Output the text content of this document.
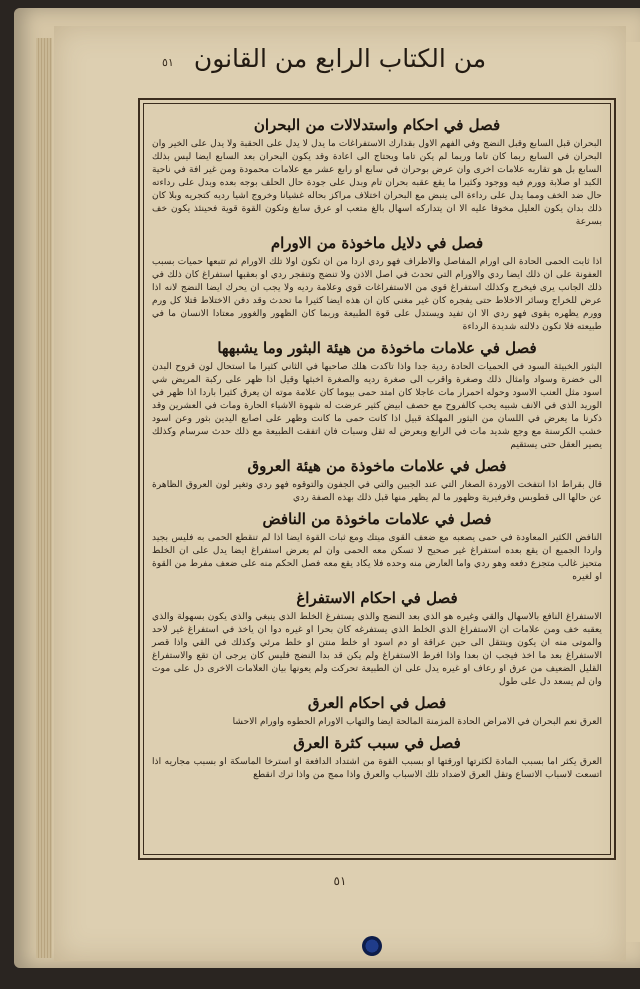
٥١ من الكتاب الرابع من القانون
فصل في احكام واستدلالات من البحران

البحران قبل السابع وقبل النضج وفي الفهم الاول بقدارك الاستفراغات ما يدل لا يدل على الحقبة ولا يدل على الخير وان البحران في السابع ربما كان تاما وربما لم يكن تاما ويحتاج الى اعادة وقد يكون البحران بعد السابع ايضا ليس بذلك السابع بل هو تقاربه علامات اخرى وان عرض بوحران في سابع او رابع عشر مع علامات محمودة ومن غير افة في ناحية الكبد او صلابة وورم فيه ووجود وكثيرا ما يقع عقبه بحران تام وبدل على جودة حال الحلف بوجه بعده وبدل على رداءته حال ضد الخف ومما يدل على رداءة الى ينبض مع البحران اختلاف مراكز بحاله غشيانا وخروج اشيا رديه كتجريه وبلا كان ذلك بدان يكون العليل مخوفا عليه الا ان يتداركه اسهال بالغ متعب او عرق سابغ وتكون القوة قوية فحينئذ يكون خف بسرعة

فصل في دلايل ماخوذة من الاورام

اذا ثابت الحمى الحادة الى اورام المفاصل والاطراف فهو ردي اردا من ان تكون اولا تلك الاورام ثم تتبعها حميات بسبب العفونة على ان ذلك ايضا ردي والاورام التي تحدث في اصل الاذن ولا تنضج وتنفجر ردي او بعقبها استفراغ كان ذلك في ذلك الجانب يرى فيخرج وكذلك استفراغ قوي من الاستفراغات قوي وعلامة رديه ولا يجب ان يحرك ايضا النضج لانه اذا عرض للخراج وسائر الاخلاط حتى يفجره كان غير مغني كان ان هذه ايضا كثيرا ما تحدث وقد دفن الاختلاط قتلا كل ورم وورم يظهره يقوى فهو ردي الا ان تفيد ويستدل على قوة الطبيعة وربما كان الظهور والغوور معتادا الانسان ما في طبيعته فلا تكون دلالته شديدة الرداءة

فصل في علامات ماخوذة من هيئة البثور وما يشبهها

البثور الخبيثة السود في الحميات الحادة ردية جدا واذا تاكدت هلك صاحبها في الثاني كثيرا ما استحال لون قروح البدن الى خضرة وسواد وامثال ذلك وصغرة واقرب الى صغرة رديه والصغرة اخبثها وقيل اذا ظهر على ركبة المريض شي اسود مثل العنب الاسود وحوله احمرار مات عاجلا كان امتد حمى بيوما كان علامة موته ان يعرق كثيرا باردا اذا ظهر في الوريد الذي في الانف شبيه يحب كالفروح مع حصف ابيض كثير عرضت له شهوة الاشياء الحارة ومات في العشرين وقد ذكرنا ما يعرض في اللسان من البثور المهلكة قبيل اذا كانت حمى ما كانت وظهر على اصابع اليدين بثور وعن اسود خشب الكرسنة مع وجع شديد مات في الرابع وبعرض له ثقل وسبات فان اتفقت الطبيعة مع ذلك حدث سرسام وكذلك يصير العقل حتى يستقيم

فصل في علامات ماخوذة من هيئة العروق

قال بقراط اذا انتفخت الاوردة الصغار التي عند الجبين والتي في الجفون والتوقوه فهو ردي وتغير لون العروق الظاهرة عن حالها الى قطوبس وفرفيرية وظهور ما لم يظهر منها قبل ذلك بهذه الصفة ردي

فصل في علامات ماخوذة من النافض

النافض الكثير المعاودة في حمى يصعبه مع ضعف القوى ميتك ومع ثبات القوة ايضا اذا لم تنقطع الحمى به فليس بجيد واردا الجميع ان يقع بعده استفراغ غير صحيح لا تسكن معه الحمى وان لم يعرض استفراغ ايضا يدل على ان الخلط متحيز غالب متجزع دفعه وهو ردي واما العارض منه وحده فلا يكاد يقع معه فصل الحكم منه على ضعف مفرط من القوة او لغيره

فصل في احكام الاستفراغ

الاستفراغ النافع بالاسهال والقي وغيره هو الذي بعد النضج والذي يستفرغ الخلط الذي ينبغي والذي يكون بسهولة والذي يعقبه خف ومن علامات ان الاستفراغ الذي الخلط الذي يستفرغه كان بحرا او غيره دوا ان ياخذ في استفراغ غير لاحد والموتى منه ان يكون وينتقل الى حين عراقة او دم اسود او خلط منتن او خلط مرئي وكذلك في القي واذا قصر الاستفراغ بعد ما اخذ فيجب ان بعدا واذا افرط الاستفراغ ولم يكن قد بدا النضج فليس كان يرجى ان تقع والاستفراغ القليل الضعيف من عرق او رعاف او غيره يدل على ان الطبيعة تحركت ولم يعونها بيان العلامات الاخرى دل على موت وان لم يسعد دل على طول

فصل في احكام العرق

العرق نعم البحران في الامراض الحادة المزمنة المالحة ايضا والتهاب الاورام الحطوه واورام الاحشا

فصل في سبب كثرة العرق

العرق يكثر اما بسبب المادة لكثرتها اورقتها او بسبب القوة من اشتداد الدافعة او استرخا الماسكة او بسبب مجاريه اذا اتسعت لاسباب الاتساع وتقل العرق لاضداد تلك الاسباب والعرق واذا ممج من واذا ترك انقطع

٥١
